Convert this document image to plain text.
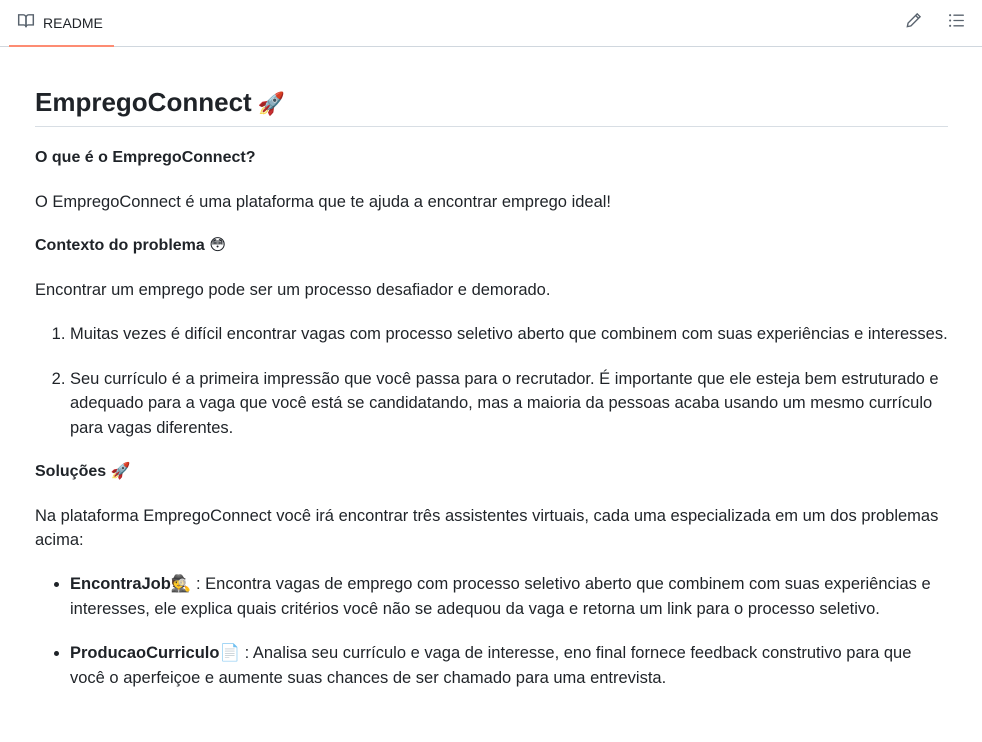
README
EmpregoConnect 🚀
O que é o EmpregoConnect?

O EmpregoConnect é uma plataforma que te ajuda a encontrar emprego ideal!

Contexto do problema 😳

Encontrar um emprego pode ser um processo desafiador e demorado.

1. Muitas vezes é difícil encontrar vagas com processo seletivo aberto que combinem com suas experiências e interesses.
2. Seu currículo é a primeira impressão que você passa para o recrutador. É importante que ele esteja bem estruturado e adequado para a vaga que você está se candidatando, mas a maioria da pessoas acaba usando um mesmo currículo para vagas diferentes.
Soluções 🚀

Na plataforma EmpregoConnect você irá encontrar três assistentes virtuais, cada uma especializada em um dos problemas acima:

• EncontraJob🕵 : Encontra vagas de emprego com processo seletivo aberto que combinem com suas experiências e interesses, ele explica quais critérios você não se adequou da vaga e retorna um link para o processo seletivo.
• ProducaoCurriculo📄 : Analisa seu currículo e vaga de interesse, eno final fornece feedback construtivo para que você o aperfeiçoe e aumente suas chances de ser chamado para uma entrevista.
